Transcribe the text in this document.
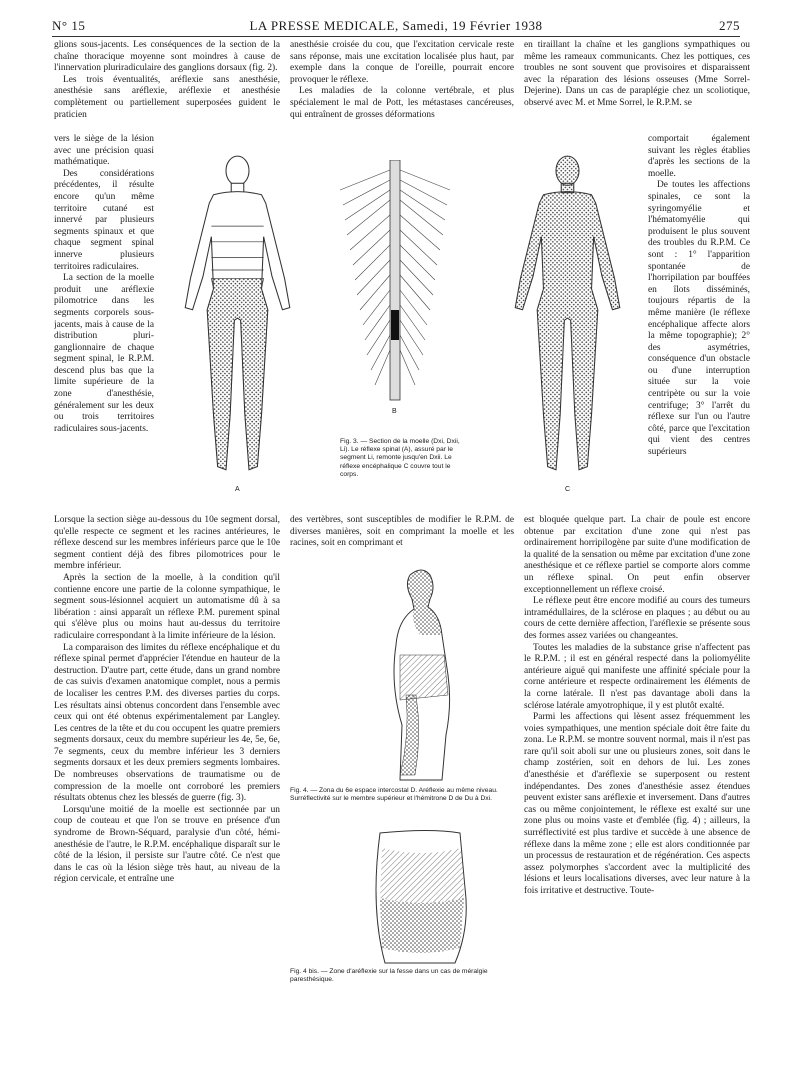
N° 15	LA PRESSE MEDICALE, Samedi, 19 Février 1938	275

glions sous-jacents. Les conséquences de la section de la chaîne thoracique moyenne sont moindres à cause de l'innervation pluriradiculaire des ganglions dorsaux (fig. 2).

Les trois éventualités, aréflexie sans anesthésie, anesthésie sans aréflexie, aréflexie et anesthésie complètement ou partiellement superposées guident le praticien

vers le siège de la lésion avec une précision quasi mathématique.

Des considérations précédentes, il résulte encore qu'un même territoire cutané est innervé par plusieurs segments spinaux et que chaque segment spinal innerve plusieurs territoires radiculaires.

La section de la moelle produit une aréflexie pilomotrice dans les segments corporels sous-jacents, mais à cause de la distribution pluri-ganglionnaire de chaque segment spinal, le R.P.M. descend plus bas que la limite supérieure de la zone d'anesthésie, généralement sur les deux ou trois territoires radiculaires sous-jacents.

Lorsque la section siège au-dessous du 10e segment dorsal, qu'elle respecte ce segment et les racines antérieures, le réflexe descend sur les membres inférieurs parce que le 10e segment contient déjà des fibres pilomotrices pour le membre inférieur.

Après la section de la moelle, à la condition qu'il contienne encore une partie de la colonne sympathique, le segment sous-lésionnel acquiert un automatisme dû à sa libération : ainsi apparaît un réflexe P.M. purement spinal qui s'élève plus ou moins haut au-dessus du territoire radiculaire correspondant à la limite inférieure de la lésion.

La comparaison des limites du réflexe encéphalique et du réflexe spinal permet d'apprécier l'étendue en hauteur de la destruction. D'autre part, cette étude, dans un grand nombre de cas suivis d'examen anatomique complet, nous a permis de localiser les centres P.M. des diverses parties du corps. Les résultats ainsi obtenus concordent dans l'ensemble avec ceux qui ont été obtenus expérimentalement par Langley. Les centres de la tête et du cou occupent les quatre premiers segments dorsaux, ceux du membre supérieur les 4e, 5e, 6e, 7e segments, ceux du membre inférieur les 3 derniers segments dorsaux et les deux premiers segments lombaires. De nombreuses observations de traumatisme ou de compression de la moelle ont corroboré les premiers résultats obtenus chez les blessés de guerre (fig. 3).

Lorsqu'une moitié de la moelle est sectionnée par un coup de couteau et que l'on se trouve en présence d'un syndrome de Brown-Séquard, paralysie d'un côté, hémi-anesthésie de l'autre, le R.P.M. encéphalique disparaît sur le côté de la lésion, il persiste sur l'autre côté. Ce n'est que dans le cas où la lésion siège très haut, au niveau de la région cervicale, et entraîne une

anesthésie croisée du cou, que l'excitation cervicale reste sans réponse, mais une excitation localisée plus haut, par exemple dans la conque de l'oreille, pourrait encore provoquer le réflexe.

Les maladies de la colonne vertébrale, et plus spécialement le mal de Pott, les métastases cancéreuses, qui entraînent de grosses déformations

des vertèbres, sont susceptibles de modifier le R.P.M. de diverses manières, soit en comprimant la moelle et les racines, soit en comprimant et

en tiraillant la chaîne et les ganglions sympathiques ou même les rameaux communicants. Chez les pottiques, ces troubles ne sont souvent que provisoires et disparaissent avec la réparation des lésions osseuses (Mme Sorrel-Dejerine). Dans un cas de paraplégie chez un scoliotique, observé avec M. et Mme Sorrel, le R.P.M. se

comportait également suivant les règles établies d'après les sections de la moelle.

De toutes les affections spinales, ce sont la syringomyélie et l'hématomyélie qui produisent le plus souvent des troubles du R.P.M. Ce sont : 1° l'apparition spontanée de l'horripilation par bouffées en îlots disséminés, toujours répartis de la même manière (le réflexe encéphalique affecte alors la même topographie); 2° des asymétries, conséquence d'un obstacle ou d'une interruption située sur la voie centripète ou sur la voie centrifuge; 3° l'arrêt du réflexe sur l'un ou l'autre côté, parce que l'excitation qui vient des centres supérieurs

est bloquée quelque part. La chair de poule est encore obtenue par excitation d'une zone qui n'est pas ordinairement horripilogène par suite d'une modification de la qualité de la sensation ou même par excitation d'une zone anesthésique et ce réflexe partiel se comporte alors comme un réflexe spinal. On peut enfin observer exceptionnellement un réflexe croisé.

Le réflexe peut être encore modifié au cours des tumeurs intramédullaires, de la sclérose en plaques ; au début ou au cours de cette dernière affection, l'aréflexie se présente sous des formes assez variées ou changeantes.

Toutes les maladies de la substance grise n'affectent pas le R.P.M. ; il est en général respecté dans la poliomyélite antérieure aiguë qui manifeste une affinité spéciale pour la corne antérieure et respecte ordinairement les éléments de la corne latérale. Il n'est pas davantage aboli dans la sclérose latérale amyotrophique, il y est plutôt exalté.

Parmi les affections qui lèsent assez fréquemment les voies sympathiques, une mention spéciale doit être faite du zona. Le R.P.M. se montre souvent normal, mais il n'est pas rare qu'il soit aboli sur une ou plusieurs zones, soit dans le champ zostérien, soit en dehors de lui. Les zones d'anesthésie et d'aréflexie se superposent ou restent indépendantes. Des zones d'anesthésie assez étendues peuvent exister sans aréflexie et inversement. Dans d'autres cas ou même conjointement, le réflexe est exalté sur une zone plus ou moins vaste et d'emblée (fig. 4) ; ailleurs, la surréflectivité est plus tardive et succède à une absence de réflexe dans la même zone ; elle est alors conditionnée par un processus de restauration et de régénération. Ces aspects assez polymorphes s'accordent avec la multiplicité des lésions et leurs localisations diverses, avec leur nature à la fois irritative et destructive. Toute-

A
B
Fig. 3. — Section de la moelle (Dxi, Dxii, Li). Le réflexe spinal (A), assuré par le segment Li, remonte jusqu'en Dxii. Le réflexe encéphalique C couvre tout le corps.
C
Fig. 4. — Zona du 6e espace intercostal D. Aréflexie au même niveau. Surréflectivité sur le membre supérieur et l'hémitrone D de Du à Dxi.
Fig. 4 bis. — Zone d'aréflexie sur la fesse dans un cas de méralgie paresthésique.
